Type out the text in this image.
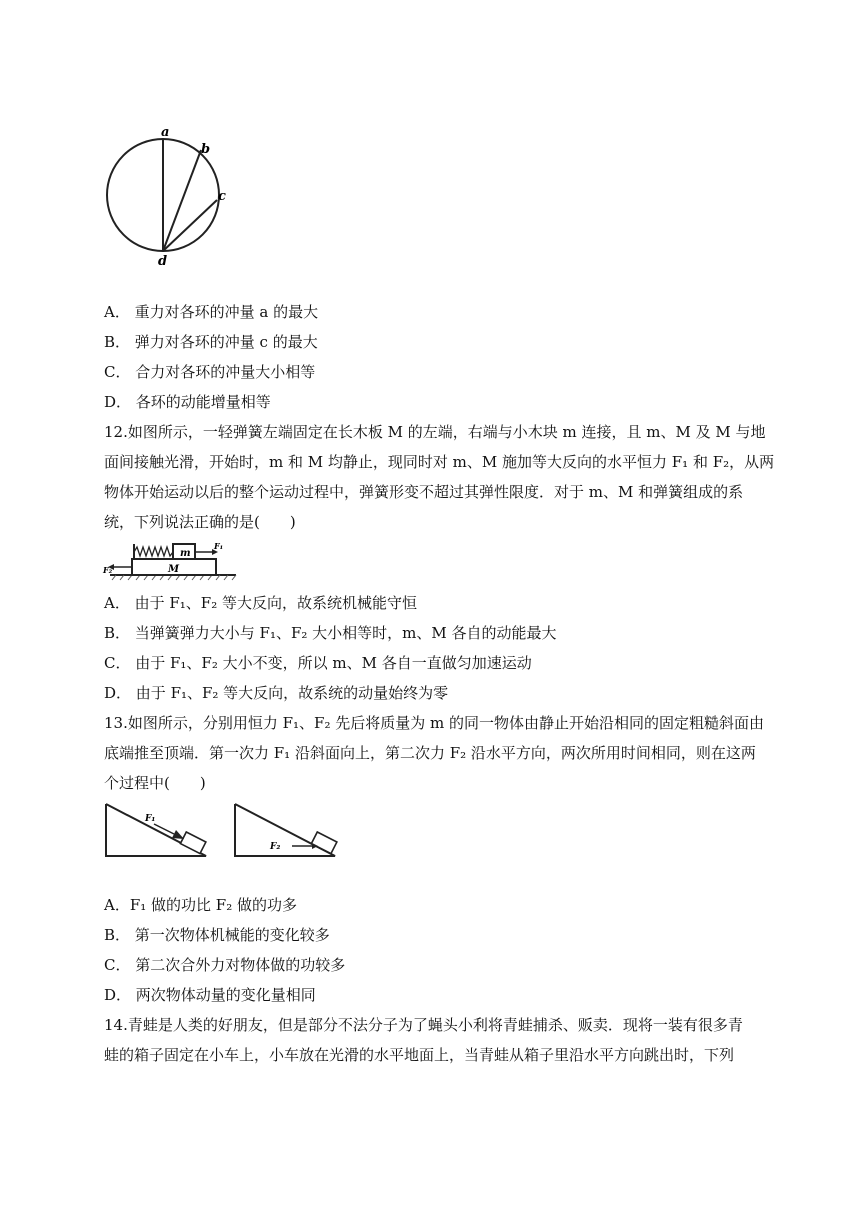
a
b
c
d
A． 重力对各环的冲量 a 的最大
B． 弹力对各环的冲量 c 的最大
C． 合力对各环的冲量大小相等
D． 各环的动能增量相等
12.如图所示，一轻弹簧左端固定在长木板 M 的左端，右端与小木块 m 连接，且 m、M 及 M 与地
面间接触光滑，开始时，m 和 M 均静止，现同时对 m、M 施加等大反向的水平恒力 F₁ 和 F₂，从两
物体开始运动以后的整个运动过程中，弹簧形变不超过其弹性限度．对于 m、M 和弹簧组成的系
统，下列说法正确的是(　　)
m
M
F₁
F₂
A． 由于 F₁、F₂ 等大反向，故系统机械能守恒
B． 当弹簧弹力大小与 F₁、F₂ 大小相等时，m、M 各自的动能最大
C． 由于 F₁、F₂ 大小不变，所以 m、M 各自一直做匀加速运动
D． 由于 F₁、F₂ 等大反向，故系统的动量始终为零
13.如图所示，分别用恒力 F₁、F₂ 先后将质量为 m 的同一物体由静止开始沿相同的固定粗糙斜面由
底端推至顶端．第一次力 F₁ 沿斜面向上，第二次力 F₂ 沿水平方向，两次所用时间相同，则在这两
个过程中(　　)
F₁
F₂
A．F₁ 做的功比 F₂ 做的功多
B． 第一次物体机械能的变化较多
C． 第二次合外力对物体做的功较多
D． 两次物体动量的变化量相同
14.青蛙是人类的好朋友，但是部分不法分子为了蝇头小利将青蛙捕杀、贩卖．现将一装有很多青
蛙的箱子固定在小车上，小车放在光滑的水平地面上，当青蛙从箱子里沿水平方向跳出时，下列
